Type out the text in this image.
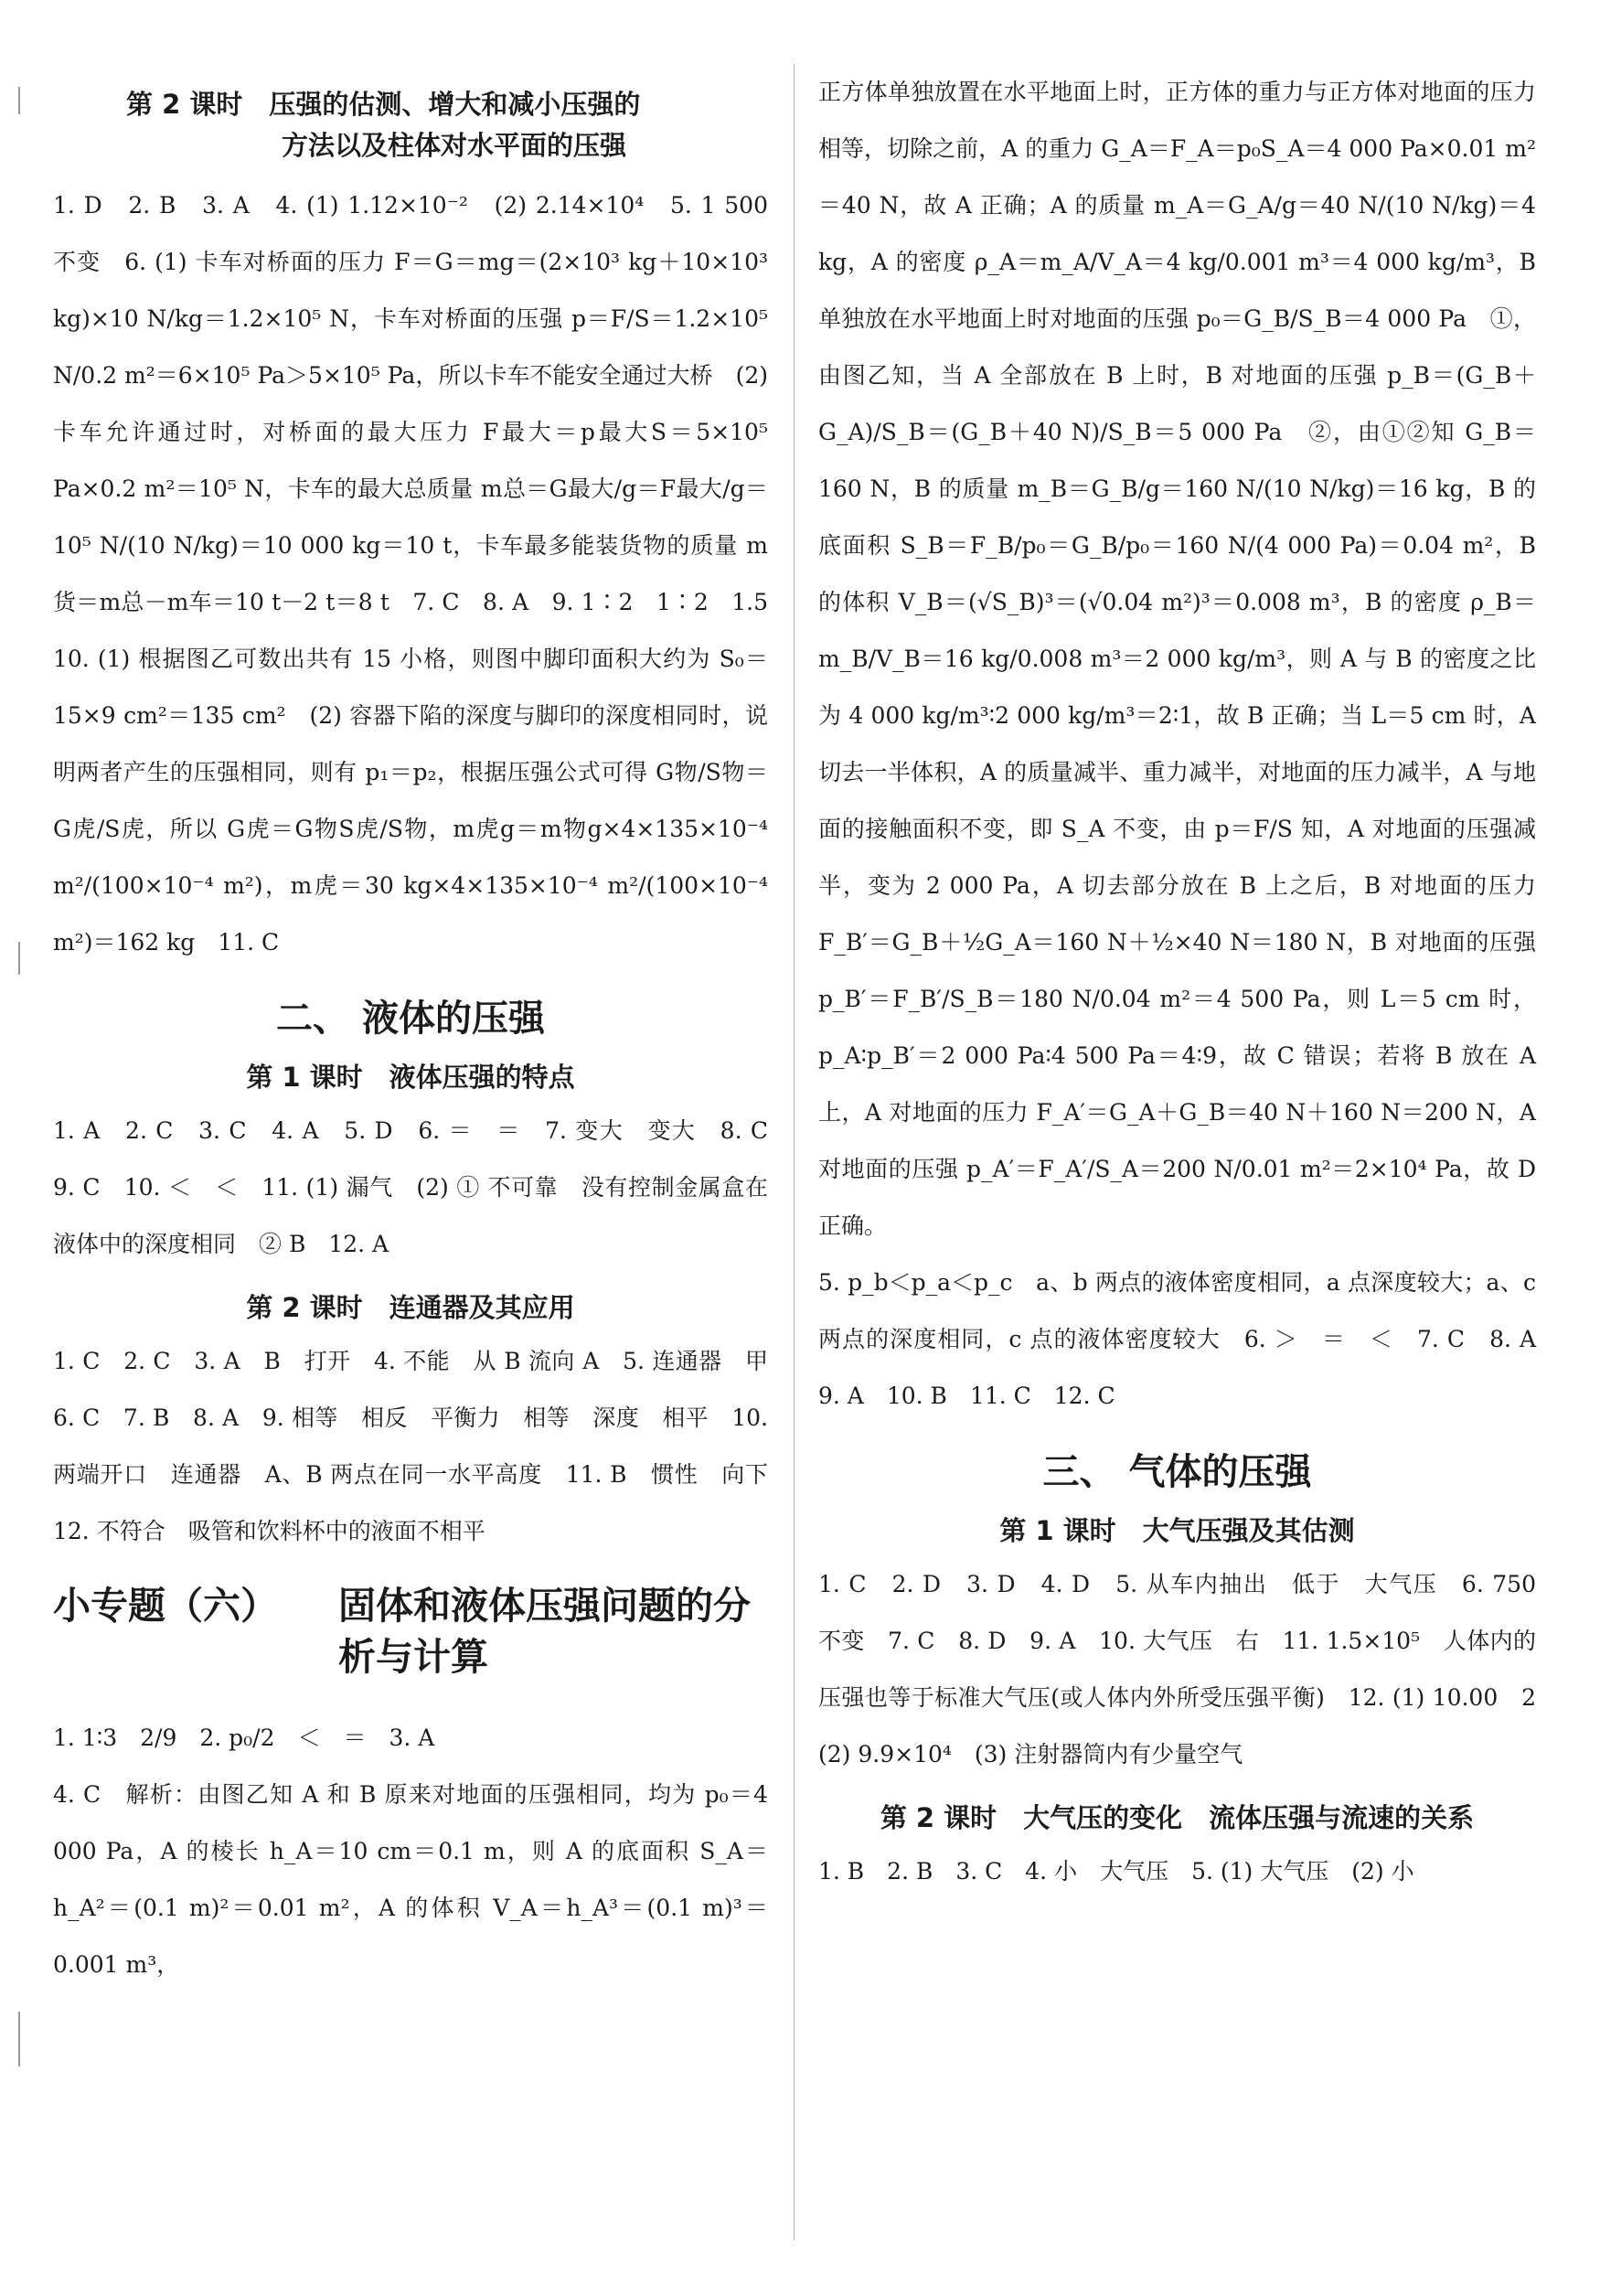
第 2 课时　压强的估测、增大和减小压强的
方法以及柱体对水平面的压强

1. D　2. B　3. A　4. (1) 1.12×10⁻²　(2) 2.14×10⁴　5. 1 500　不变　6. (1) 卡车对桥面的压力 F＝G＝mg＝(2×10³ kg＋10×10³ kg)×10 N/kg＝1.2×10⁵ N，卡车对桥面的压强 p＝F/S＝1.2×10⁵ N/0.2 m²＝6×10⁵ Pa＞5×10⁵ Pa，所以卡车不能安全通过大桥　(2) 卡车允许通过时，对桥面的最大压力 F最大＝p最大S＝5×10⁵ Pa×0.2 m²＝10⁵ N，卡车的最大总质量 m总＝G最大/g＝F最大/g＝10⁵ N/(10 N/kg)＝10 000 kg＝10 t，卡车最多能装货物的质量 m货＝m总－m车＝10 t－2 t＝8 t　7. C　8. A　9. 1∶2　1∶2　1.5　10. (1) 根据图乙可数出共有 15 小格，则图中脚印面积大约为 S₀＝15×9 cm²＝135 cm²　(2) 容器下陷的深度与脚印的深度相同时，说明两者产生的压强相同，则有 p₁＝p₂，根据压强公式可得 G物/S物＝G虎/S虎，所以 G虎＝G物S虎/S物，m虎g＝m物g×4×135×10⁻⁴ m²/(100×10⁻⁴ m²)，m虎＝30 kg×4×135×10⁻⁴ m²/(100×10⁻⁴ m²)＝162 kg　11. C

二、 液体的压强
第 1 课时　液体压强的特点

1. A　2. C　3. C　4. A　5. D　6. ＝　＝　7. 变大　变大　8. C　9. C　10. ＜　＜　11. (1) 漏气　(2) ① 不可靠　没有控制金属盒在液体中的深度相同　② B　12. A

第 2 课时　连通器及其应用

1. C　2. C　3. A　B　打开　4. 不能　从 B 流向 A　5. 连通器　甲　6. C　7. B　8. A　9. 相等　相反　平衡力　相等　深度　相平　10. 两端开口　连通器　A、B 两点在同一水平高度　11. B　惯性　向下　12. 不符合　吸管和饮料杯中的液面不相平

小专题（六）	固体和液体压强问题的分析与计算

1. 1∶3　2/9　2. p₀/2　＜　＝　3. A

4. C　解析：由图乙知 A 和 B 原来对地面的压强相同，均为 p₀＝4 000 Pa，A 的棱长 h_A＝10 cm＝0.1 m，则 A 的底面积 S_A＝h_A²＝(0.1 m)²＝0.01 m²，A 的体积 V_A＝h_A³＝(0.1 m)³＝0.001 m³，

正方体单独放置在水平地面上时，正方体的重力与正方体对地面的压力相等，切除之前，A 的重力 G_A＝F_A＝p₀S_A＝4 000 Pa×0.01 m²＝40 N，故 A 正确；A 的质量 m_A＝G_A/g＝40 N/(10 N/kg)＝4 kg，A 的密度 ρ_A＝m_A/V_A＝4 kg/0.001 m³＝4 000 kg/m³，B 单独放在水平地面上时对地面的压强 p₀＝G_B/S_B＝4 000 Pa　①，由图乙知，当 A 全部放在 B 上时，B 对地面的压强 p_B＝(G_B＋G_A)/S_B＝(G_B＋40 N)/S_B＝5 000 Pa　②，由①②知 G_B＝160 N，B 的质量 m_B＝G_B/g＝160 N/(10 N/kg)＝16 kg，B 的底面积 S_B＝F_B/p₀＝G_B/p₀＝160 N/(4 000 Pa)＝0.04 m²，B 的体积 V_B＝(√S_B)³＝(√0.04 m²)³＝0.008 m³，B 的密度 ρ_B＝m_B/V_B＝16 kg/0.008 m³＝2 000 kg/m³，则 A 与 B 的密度之比为 4 000 kg/m³∶2 000 kg/m³＝2∶1，故 B 正确；当 L＝5 cm 时，A 切去一半体积，A 的质量减半、重力减半，对地面的压力减半，A 与地面的接触面积不变，即 S_A 不变，由 p＝F/S 知，A 对地面的压强减半，变为 2 000 Pa，A 切去部分放在 B 上之后，B 对地面的压力 F_B′＝G_B＋½G_A＝160 N＋½×40 N＝180 N，B 对地面的压强 p_B′＝F_B′/S_B＝180 N/0.04 m²＝4 500 Pa，则 L＝5 cm 时，p_A∶p_B′＝2 000 Pa∶4 500 Pa＝4∶9，故 C 错误；若将 B 放在 A 上，A 对地面的压力 F_A′＝G_A＋G_B＝40 N＋160 N＝200 N，A 对地面的压强 p_A′＝F_A′/S_A＝200 N/0.01 m²＝2×10⁴ Pa，故 D 正确。

5. p_b＜p_a＜p_c　a、b 两点的液体密度相同，a 点深度较大；a、c 两点的深度相同，c 点的液体密度较大　6. ＞　＝　＜　7. C　8. A　9. A　10. B　11. C　12. C

三、 气体的压强
第 1 课时　大气压强及其估测

1. C　2. D　3. D　4. D　5. 从车内抽出　低于　大气压　6. 750　不变　7. C　8. D　9. A　10. 大气压　右　11. 1.5×10⁵　人体内的压强也等于标准大气压(或人体内外所受压强平衡)　12. (1) 10.00　2　(2) 9.9×10⁴　(3) 注射器筒内有少量空气

第 2 课时　大气压的变化　流体压强与流速的关系

1. B　2. B　3. C　4. 小　大气压　5. (1) 大气压　(2) 小
